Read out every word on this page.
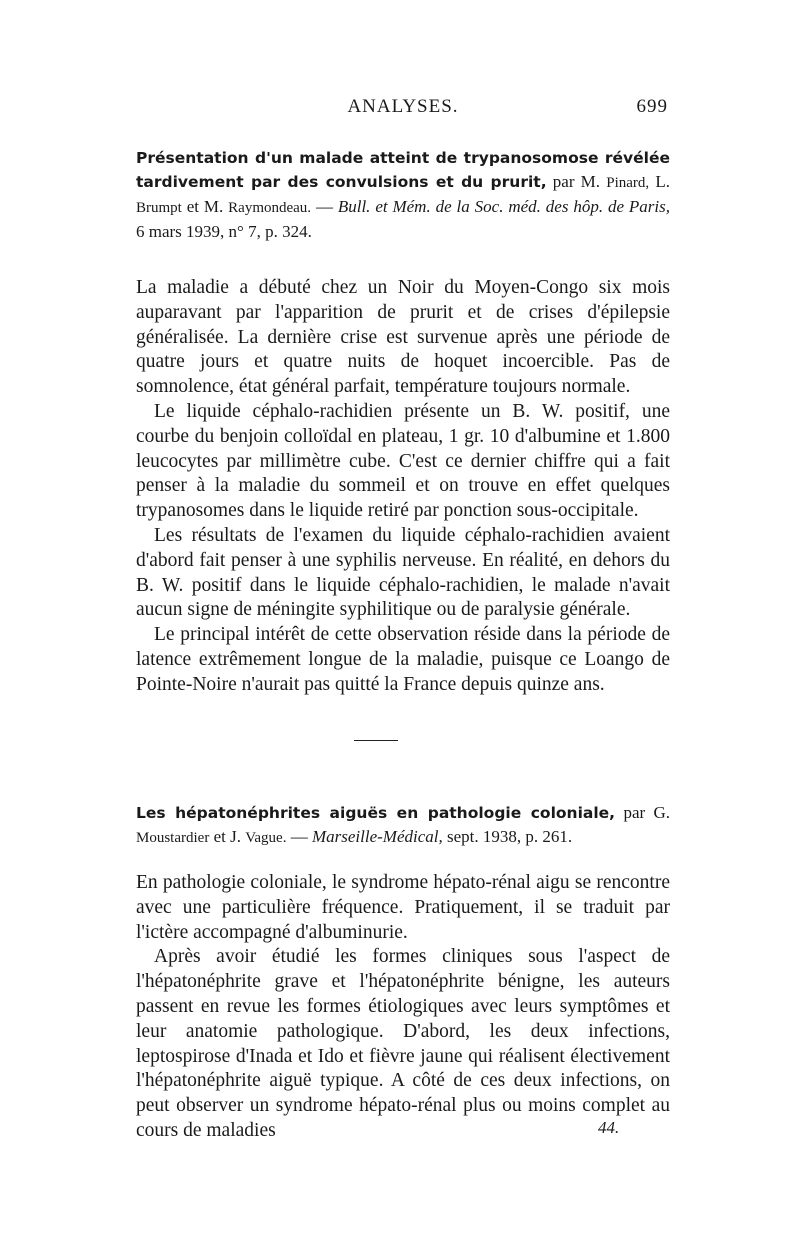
ANALYSES.	699
Présentation d'un malade atteint de trypanosomose révélée tardivement par des convulsions et du prurit, par M. Pinard, L. Brumpt et M. Raymondeau. — Bull. et Mém. de la Soc. méd. des hôp. de Paris, 6 mars 1939, n° 7, p. 324.

La maladie a débuté chez un Noir du Moyen-Congo six mois auparavant par l'apparition de prurit et de crises d'épilepsie généralisée. La dernière crise est survenue après une période de quatre jours et quatre nuits de hoquet incoercible. Pas de somnolence, état général parfait, température toujours normale.

Le liquide céphalo-rachidien présente un B. W. positif, une courbe du benjoin colloïdal en plateau, 1 gr. 10 d'albumine et 1.800 leucocytes par millimètre cube. C'est ce dernier chiffre qui a fait penser à la maladie du sommeil et on trouve en effet quelques trypanosomes dans le liquide retiré par ponction sous-occipitale.

Les résultats de l'examen du liquide céphalo-rachidien avaient d'abord fait penser à une syphilis nerveuse. En réalité, en dehors du B. W. positif dans le liquide céphalo-rachidien, le malade n'avait aucun signe de méningite syphilitique ou de paralysie générale.

Le principal intérêt de cette observation réside dans la période de latence extrêmement longue de la maladie, puisque ce Loango de Pointe-Noire n'aurait pas quitté la France depuis quinze ans.

Les hépatonéphrites aiguës en pathologie coloniale, par G. Moustardier et J. Vague. — Marseille-Médical, sept. 1938, p. 261.

En pathologie coloniale, le syndrome hépato-rénal aigu se rencontre avec une particulière fréquence. Pratiquement, il se traduit par l'ictère accompagné d'albuminurie.

Après avoir étudié les formes cliniques sous l'aspect de l'hépatonéphrite grave et l'hépatonéphrite bénigne, les auteurs passent en revue les formes étiologiques avec leurs symptômes et leur anatomie pathologique. D'abord, les deux infections, leptospirose d'Inada et Ido et fièvre jaune qui réalisent électivement l'hépatonéphrite aiguë typique. A côté de ces deux infections, on peut observer un syndrome hépato-rénal plus ou moins complet au cours de maladies	44.
